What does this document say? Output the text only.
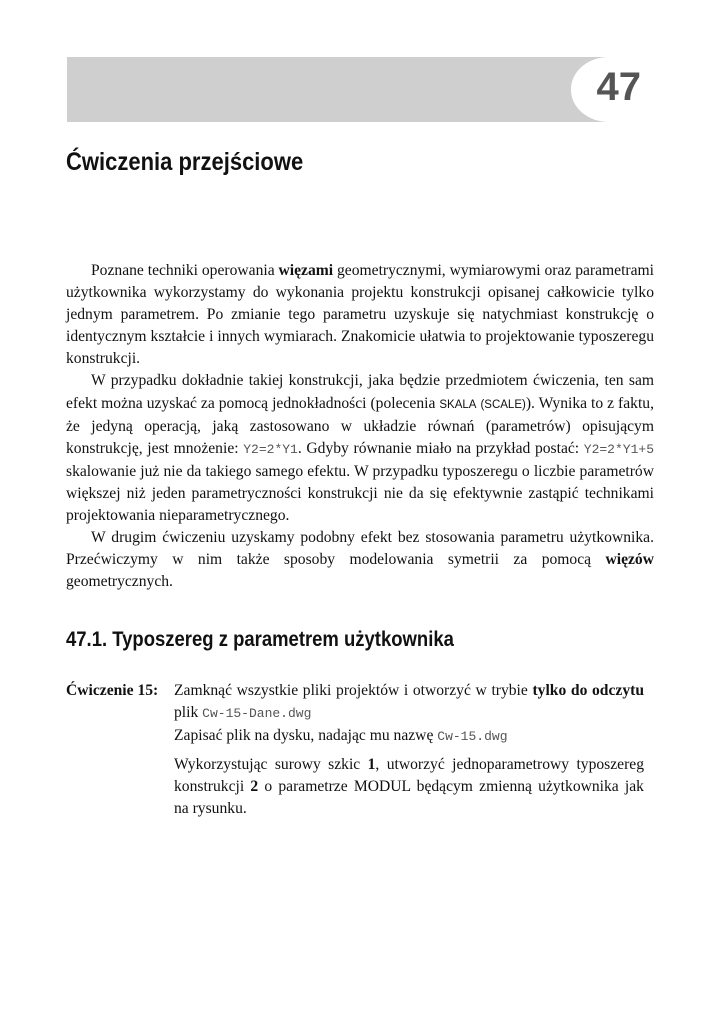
47
Ćwiczenia przejściowe

Poznane techniki operowania więzami geometrycznymi, wymiarowymi oraz parametrami użytkownika wykorzystamy do wykonania projektu konstrukcji opisanej całkowicie tylko jednym parametrem. Po zmianie tego parametru uzyskuje się natychmiast konstrukcję o identycznym kształcie i innych wymiarach. Znakomicie ułatwia to projektowanie typoszeregu konstrukcji.

W przypadku dokładnie takiej konstrukcji, jaka będzie przedmiotem ćwiczenia, ten sam efekt można uzyskać za pomocą jednokładności (polecenia SKALA (SCALE)). Wynika to z faktu, że jedyną operacją, jaką zastosowano w układzie równań (parametrów) opisującym konstrukcję, jest mnożenie: Y2=2*Y1. Gdyby równanie miało na przykład postać: Y2=2*Y1+5 skalowanie już nie da takiego samego efektu. W przypadku typoszeregu o liczbie parametrów większej niż jeden parametryczności konstrukcji nie da się efektywnie zastąpić technikami projektowania nieparametrycznego.

W drugim ćwiczeniu uzyskamy podobny efekt bez stosowania parametru użytkownika. Przećwiczymy w nim także sposoby modelowania symetrii za pomocą więzów geometrycznych.

47.1. Typoszereg z parametrem użytkownika
Ćwiczenie 15: Zamknąć wszystkie pliki projektów i otworzyć w trybie tylko do odczytu plik Cw-15-Dane.dwg

Zapisać plik na dysku, nadając mu nazwę Cw-15.dwg

Wykorzystując surowy szkic 1, utworzyć jednoparametrowy typoszereg konstrukcji 2 o parametrze MODUL będącym zmienną użytkownika jak na rysunku.
